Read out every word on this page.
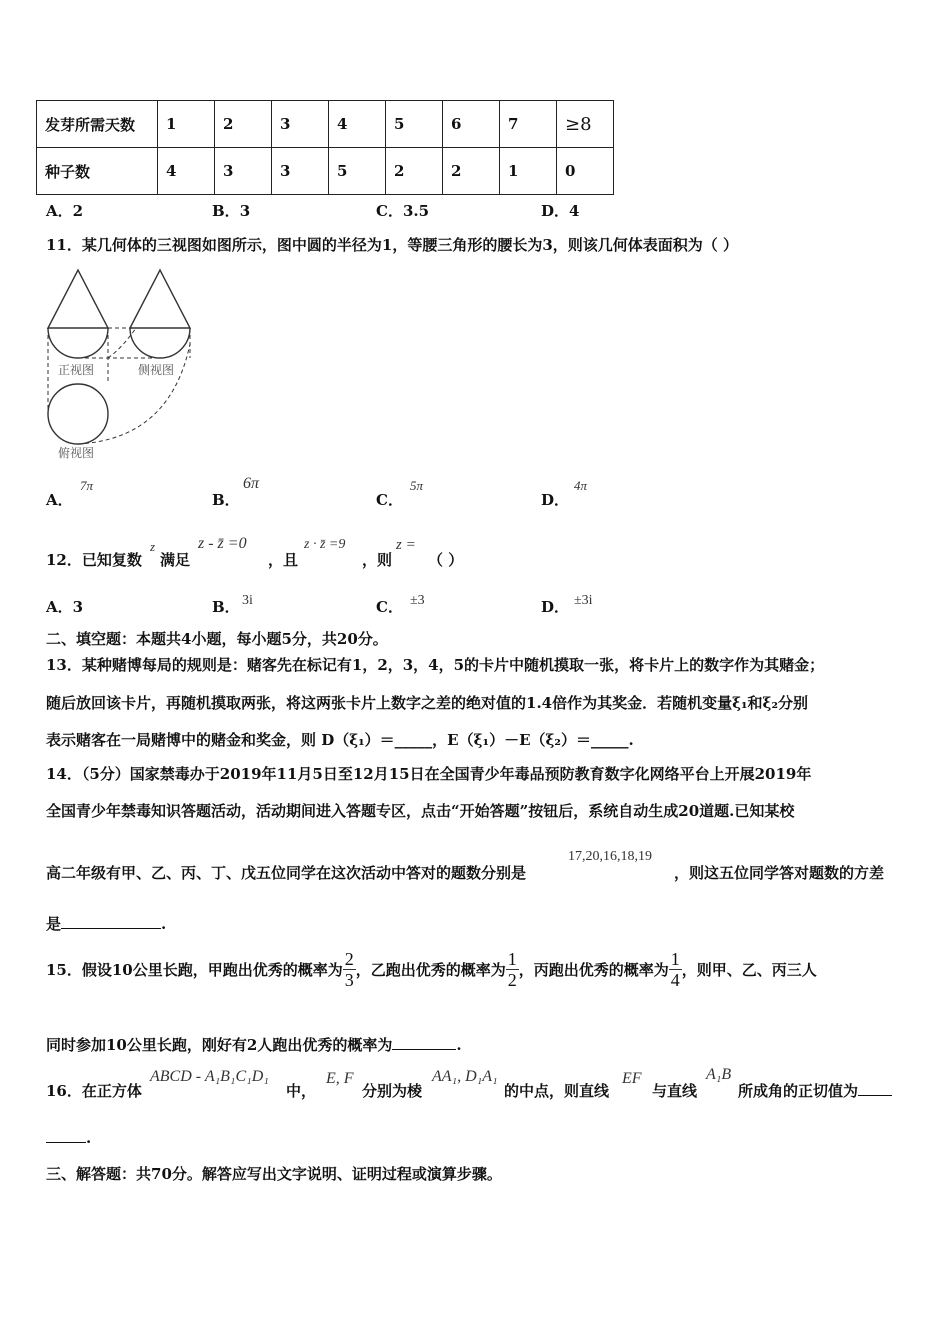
发芽所需天数	1	2	3	4	5	6	7	≥8
种子数	4	3	3	5	2	2	1	0
A．2	B．3	C．3.5	D．4
11．某几何体的三视图如图所示，图中圆的半径为1，等腰三角形的腰长为3，则该几何体表面积为（ ）
正视图	侧视图
俯视图
A．
7π
B．
6π
C．
5π
D．
4π
12．已知复数
z
满足
z - z̄ =0
，且
z · z̄ =9
，则
z =
（ ）
A．3	B． 3i	C． ±3	D． ±3i
二、填空题：本题共4小题，每小题5分，共20分。
13．某种赌博每局的规则是：赌客先在标记有1，2，3，4，5的卡片中随机摸取一张，将卡片上的数字作为其赌金；
随后放回该卡片，再随机摸取两张，将这两张卡片上数字之差的绝对值的1.4倍作为其奖金．若随机变量ξ₁和ξ₂分别
表示赌客在一局赌博中的赌金和奖金，则 D（ξ₁）＝_____，E（ξ₁）－E（ξ₂）＝_____.
14．（5分）国家禁毒办于2019年11月5日至12月15日在全国青少年毒品预防教育数字化网络平台上开展2019年
全国青少年禁毒知识答题活动，活动期间进入答题专区，点击“开始答题”按钮后，系统自动生成20道题.已知某校
高二年级有甲、乙、丙、丁、戊五位同学在这次活动中答对的题数分别是
17,20,16,18,19
，则这五位同学答对题数的方差
是	.
15．假设10公里长跑，甲跑出优秀的概率为 $\frac{2}{3}$ ，乙跑出优秀的概率为 $\frac{1}{2}$ ，丙跑出优秀的概率为 $\frac{1}{4}$ ，则甲、乙、丙三人
同时参加10公里长跑，刚好有2人跑出优秀的概率为	.
16．在正方体
ABCD - A₁B₁C₁D₁
中，
E, F
分别为棱
AA₁, D₁A₁
的中点，则直线
EF
与直线
A₁B
所成角的正切值为
.
三、解答题：共70分。解答应写出文字说明、证明过程或演算步骤。
